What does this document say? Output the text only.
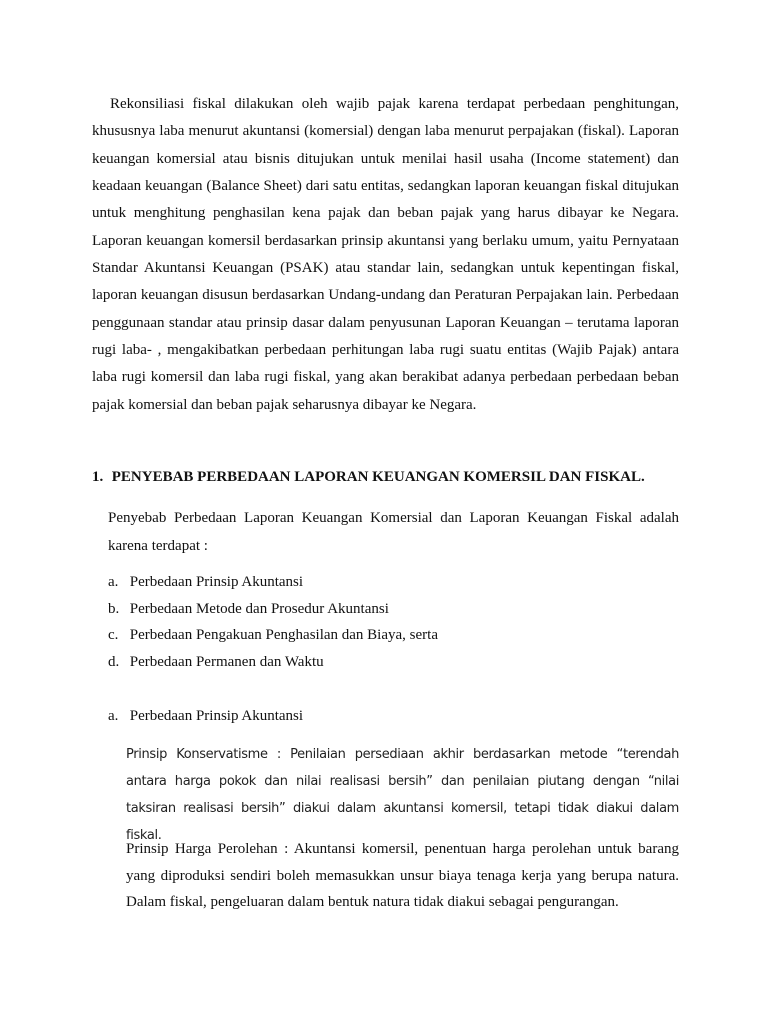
Rekonsiliasi fiskal dilakukan oleh wajib pajak karena terdapat perbedaan penghitungan, khususnya laba menurut akuntansi (komersial) dengan laba menurut perpajakan (fiskal). Laporan keuangan komersial atau bisnis ditujukan untuk menilai hasil usaha (Income statement) dan keadaan keuangan (Balance Sheet) dari satu entitas, sedangkan laporan keuangan fiskal ditujukan untuk menghitung penghasilan kena pajak dan beban pajak yang harus dibayar ke Negara. Laporan keuangan komersil berdasarkan prinsip akuntansi yang berlaku umum, yaitu Pernyataan Standar Akuntansi Keuangan (PSAK) atau standar lain, sedangkan untuk kepentingan fiskal, laporan keuangan disusun berdasarkan Undang-undang dan Peraturan Perpajakan lain. Perbedaan penggunaan standar atau prinsip dasar dalam penyusunan Laporan Keuangan – terutama laporan rugi laba- , mengakibatkan perbedaan perhitungan laba rugi suatu entitas (Wajib Pajak) antara laba rugi komersil dan laba rugi fiskal, yang akan berakibat adanya perbedaan perbedaan beban pajak komersial dan beban pajak seharusnya dibayar ke Negara.

1. PENYEBAB PERBEDAAN LAPORAN KEUANGAN KOMERSIL DAN FISKAL.

Penyebab Perbedaan Laporan Keuangan Komersial dan Laporan Keuangan Fiskal adalah karena terdapat :

a. Perbedaan Prinsip Akuntansi
b. Perbedaan Metode dan Prosedur Akuntansi
c. Perbedaan Pengakuan Penghasilan dan Biaya, serta
d. Perbedaan Permanen dan Waktu

a. Perbedaan Prinsip Akuntansi

Prinsip Konservatisme : Penilaian persediaan akhir berdasarkan metode “terendah antara harga pokok dan nilai realisasi bersih” dan penilaian piutang dengan “nilai taksiran realisasi bersih” diakui dalam akuntansi komersil, tetapi tidak diakui dalam fiskal.

Prinsip Harga Perolehan : Akuntansi komersil, penentuan harga perolehan untuk barang yang diproduksi sendiri boleh memasukkan unsur biaya tenaga kerja yang berupa natura. Dalam fiskal, pengeluaran dalam bentuk natura tidak diakui sebagai pengurangan.
